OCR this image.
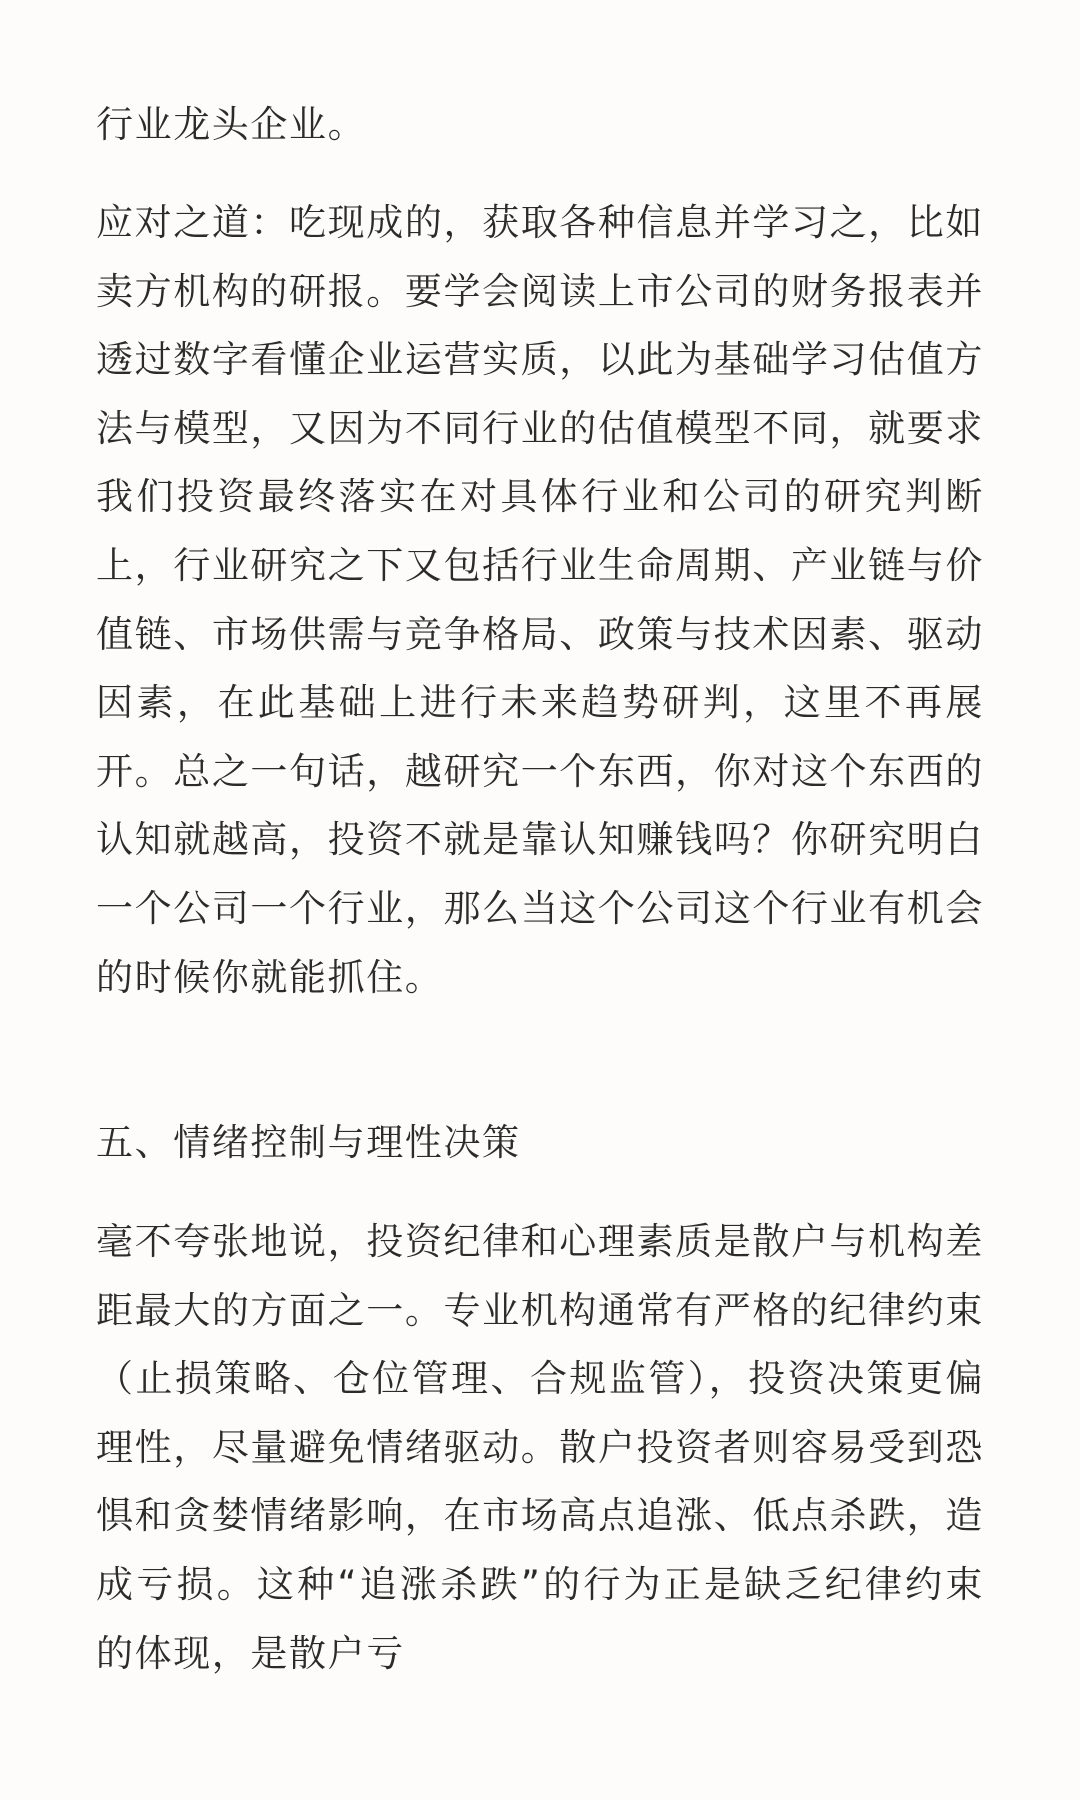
行业龙头企业。

应对之道：吃现成的，获取各种信息并学习之，比如卖方机构的研报。要学会阅读上市公司的财务报表并透过数字看懂企业运营实质，以此为基础学习估值方法与模型，又因为不同行业的估值模型不同，就要求我们投资最终落实在对具体行业和公司的研究判断上，行业研究之下又包括行业生命周期、产业链与价值链、市场供需与竞争格局、政策与技术因素、驱动因素，在此基础上进行未来趋势研判，这里不再展开。总之一句话，越研究一个东西，你对这个东西的认知就越高，投资不就是靠认知赚钱吗？你研究明白一个公司一个行业，那么当这个公司这个行业有机会的时候你就能抓住。

五、情绪控制与理性决策

毫不夸张地说，投资纪律和心理素质是散户与机构差距最大的方面之一。专业机构通常有严格的纪律约束（止损策略、仓位管理、合规监管），投资决策更偏理性，尽量避免情绪驱动。散户投资者则容易受到恐惧和贪婪情绪影响，在市场高点追涨、低点杀跌，造成亏损。这种“追涨杀跌”的行为正是缺乏纪律约束的体现，是散户亏
